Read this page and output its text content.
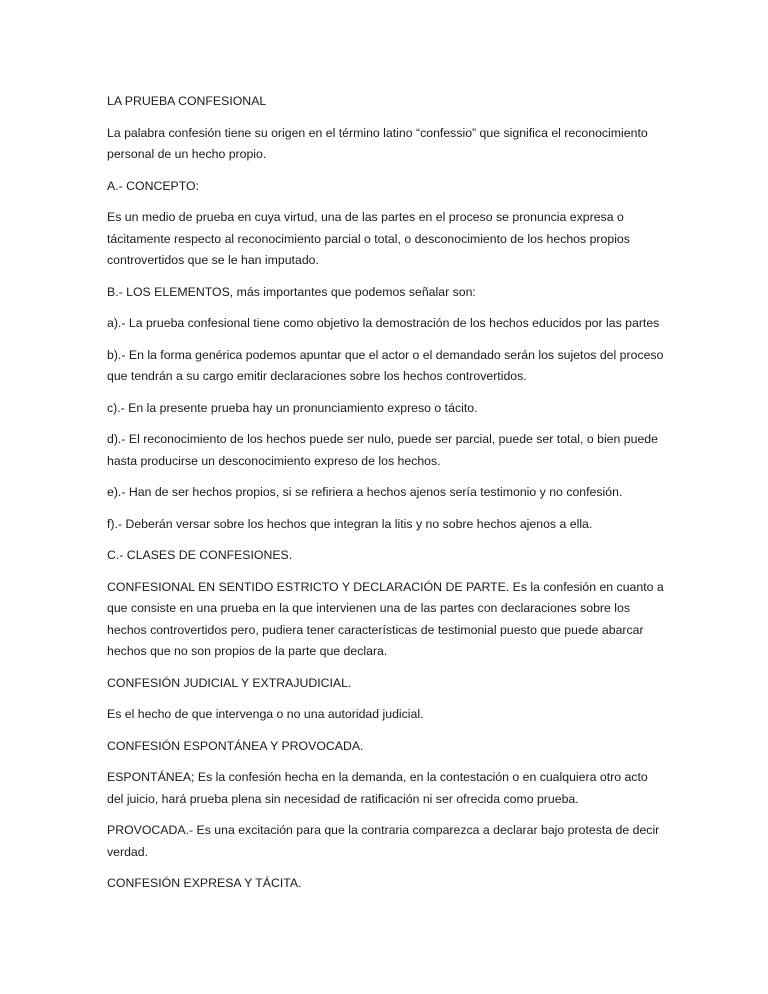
LA PRUEBA CONFESIONAL

La palabra confesión tiene su origen en el término latino “confessio” que significa el reconocimiento personal de un hecho propio.

A.- CONCEPTO:

Es un medio de prueba en cuya virtud, una de las partes en el proceso se pronuncia expresa o tácitamente respecto al reconocimiento parcial o total, o desconocimiento de los hechos propios controvertidos que se le han imputado.

B.- LOS ELEMENTOS, más importantes que podemos señalar son:

a).- La prueba confesional tiene como objetivo la demostración de los hechos educidos por las partes

b).- En la forma genérica podemos apuntar que el actor o el demandado serán los sujetos del proceso que tendrán a su cargo emitir declaraciones sobre los hechos controvertidos.

c).- En la presente prueba hay un pronunciamiento expreso o tácito.

d).- El reconocimiento de los hechos puede ser nulo, puede ser parcial, puede ser total, o bien puede hasta producirse un desconocimiento expreso de los hechos.

e).- Han de ser hechos propios, si se refiriera a hechos ajenos sería testimonio y no confesión.

f).- Deberán versar sobre los hechos que integran la litis y no sobre hechos ajenos a ella.

C.- CLASES DE CONFESIONES.

CONFESIONAL EN SENTIDO ESTRICTO Y DECLARACIÓN DE PARTE. Es la confesión en cuanto a que consiste en una prueba en la que intervienen una de las partes con declaraciones sobre los hechos controvertidos pero, pudiera tener características de testimonial puesto que puede abarcar hechos que no son propios de la parte que declara.

CONFESIÓN JUDICIAL Y EXTRAJUDICIAL.

Es el hecho de que intervenga o no una autoridad judicial.

CONFESIÓN ESPONTÁNEA Y PROVOCADA.

ESPONTÁNEA; Es la confesión hecha en la demanda, en la contestación o en cualquiera otro acto del juicio, hará prueba plena sin necesidad de ratificación ni ser ofrecida como prueba.

PROVOCADA.- Es una excitación para que la contraria comparezca a declarar bajo protesta de decir verdad.

CONFESIÓN EXPRESA Y TÁCITA.
